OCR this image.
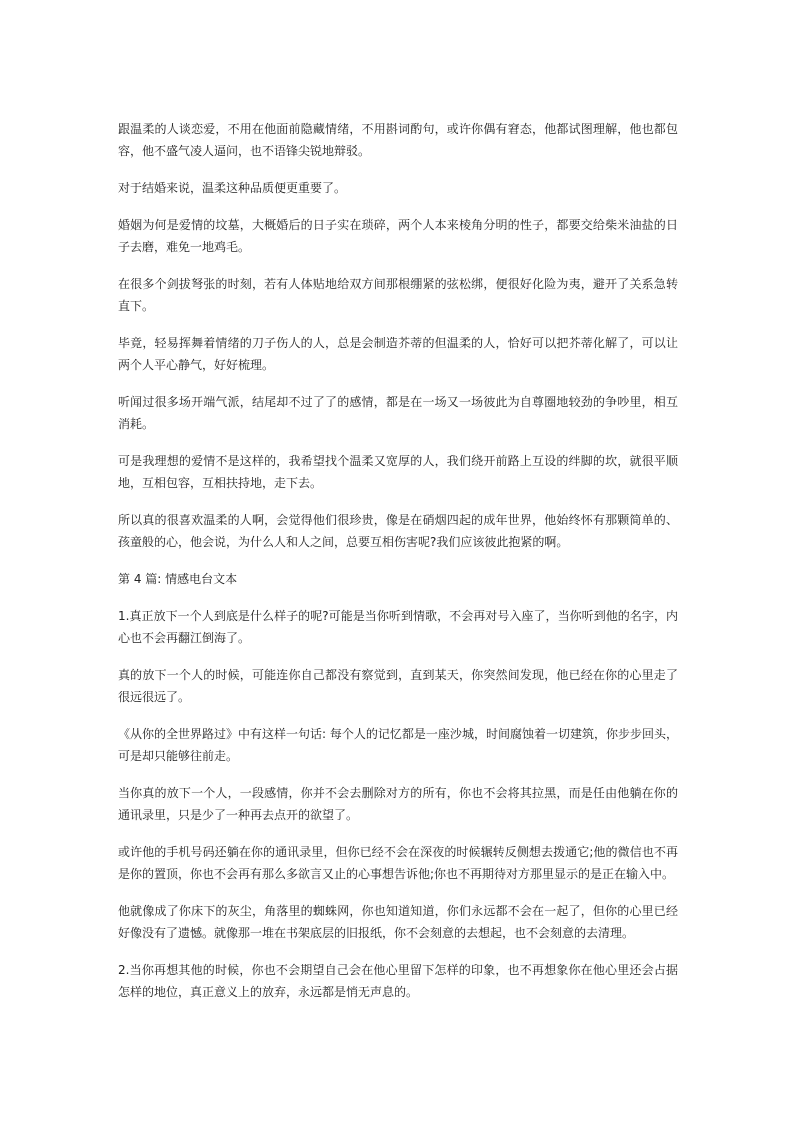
跟温柔的人谈恋爱，不用在他面前隐藏情绪，不用斟词酌句，或许你偶有窘态，他都试图理解，他也都包容，他不盛气凌人逼问，也不语锋尖锐地辩驳。

对于结婚来说，温柔这种品质便更重要了。

婚姻为何是爱情的坟墓，大概婚后的日子实在琐碎，两个人本来棱角分明的性子，都要交给柴米油盐的日子去磨，难免一地鸡毛。

在很多个剑拔弩张的时刻，若有人体贴地给双方间那根绷紧的弦松绑，便很好化险为夷，避开了关系急转直下。

毕竟，轻易挥舞着情绪的刀子伤人的人，总是会制造芥蒂的但温柔的人，恰好可以把芥蒂化解了，可以让两个人平心静气，好好梳理。

听闻过很多场开端气派，结尾却不过了了的感情，都是在一场又一场彼此为自尊圈地较劲的争吵里，相互消耗。

可是我理想的爱情不是这样的，我希望找个温柔又宽厚的人，我们绕开前路上互设的绊脚的坎，就很平顺地，互相包容，互相扶持地，走下去。

所以真的很喜欢温柔的人啊，会觉得他们很珍贵，像是在硝烟四起的成年世界，他始终怀有那颗简单的、孩童般的心，他会说，为什么人和人之间，总要互相伤害呢?我们应该彼此抱紧的啊。

第 4 篇: 情感电台文本

1.真正放下一个人到底是什么样子的呢?可能是当你听到情歌，不会再对号入座了，当你听到他的名字，内心也不会再翻江倒海了。

真的放下一个人的时候，可能连你自己都没有察觉到，直到某天，你突然间发现，他已经在你的心里走了很远很远了。

《从你的全世界路过》中有这样一句话: 每个人的记忆都是一座沙城，时间腐蚀着一切建筑，你步步回头，可是却只能够往前走。

当你真的放下一个人，一段感情，你并不会去删除对方的所有，你也不会将其拉黑，而是任由他躺在你的通讯录里，只是少了一种再去点开的欲望了。

或许他的手机号码还躺在你的通讯录里，但你已经不会在深夜的时候辗转反侧想去拨通它;他的微信也不再是你的置顶，你也不会再有那么多欲言又止的心事想告诉他;你也不再期待对方那里显示的是正在输入中。

他就像成了你床下的灰尘，角落里的蜘蛛网，你也知道知道，你们永远都不会在一起了，但你的心里已经好像没有了遗憾。就像那一堆在书架底层的旧报纸，你不会刻意的去想起，也不会刻意的去清理。

2.当你再想其他的时候，你也不会期望自己会在他心里留下怎样的印象，也不再想象你在他心里还会占据怎样的地位，真正意义上的放弃，永远都是悄无声息的。
